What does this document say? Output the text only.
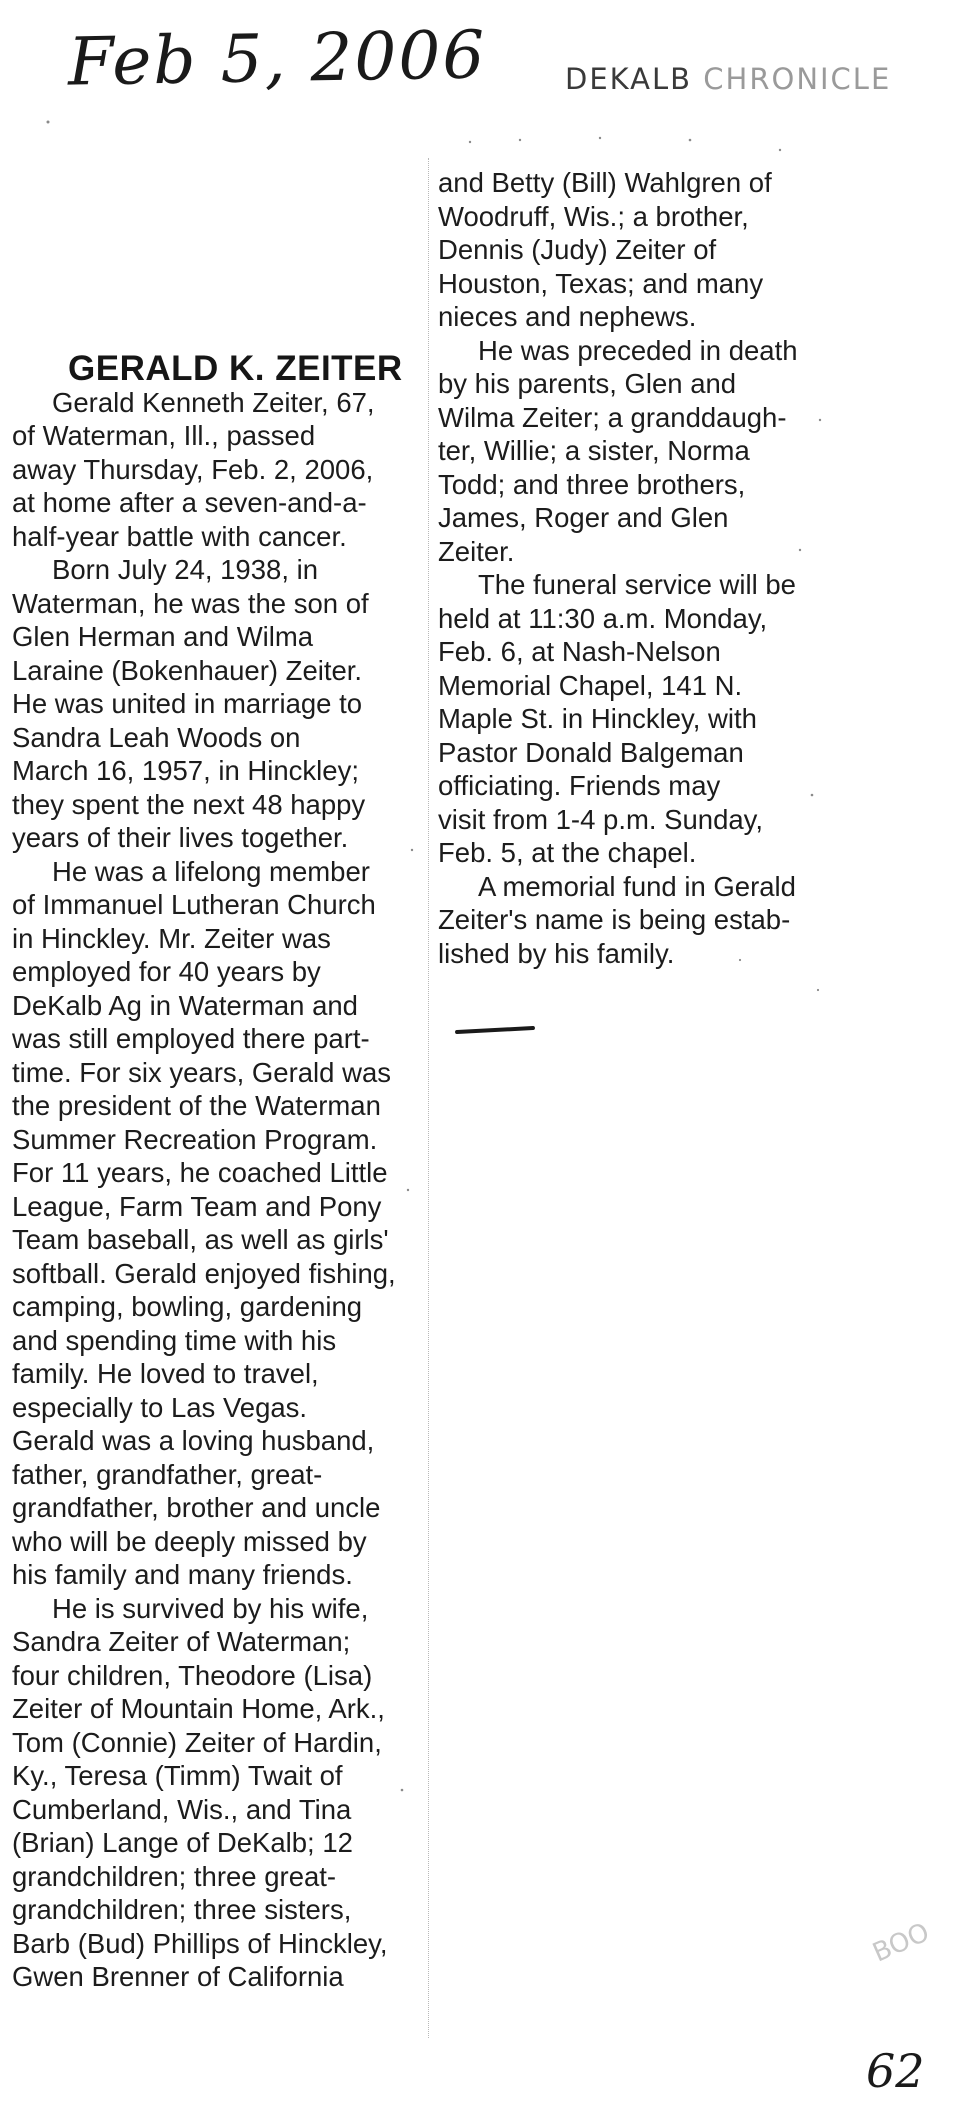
Feb 5, 2006	DEKALB CHRONICLE
GERALD K. ZEITER
Gerald Kenneth Zeiter, 67,
of Waterman, Ill., passed
away Thursday, Feb. 2, 2006,
at home after a seven-and-a-
half-year battle with cancer.
Born July 24, 1938, in
Waterman, he was the son of
Glen Herman and Wilma
Laraine (Bokenhauer) Zeiter.
He was united in marriage to
Sandra Leah Woods on
March 16, 1957, in Hinckley;
they spent the next 48 happy
years of their lives together.
He was a lifelong member
of Immanuel Lutheran Church
in Hinckley. Mr. Zeiter was
employed for 40 years by
DeKalb Ag in Waterman and
was still employed there part-
time. For six years, Gerald was
the president of the Waterman
Summer Recreation Program.
For 11 years, he coached Little
League, Farm Team and Pony
Team baseball, as well as girls'
softball. Gerald enjoyed fishing,
camping, bowling, gardening
and spending time with his
family. He loved to travel,
especially to Las Vegas.
Gerald was a loving husband,
father, grandfather, great-
grandfather, brother and uncle
who will be deeply missed by
his family and many friends.
He is survived by his wife,
Sandra Zeiter of Waterman;
four children, Theodore (Lisa)
Zeiter of Mountain Home, Ark.,
Tom (Connie) Zeiter of Hardin,
Ky., Teresa (Timm) Twait of
Cumberland, Wis., and Tina
(Brian) Lange of DeKalb; 12
grandchildren; three great-
grandchildren; three sisters,
Barb (Bud) Phillips of Hinckley,
Gwen Brenner of California
and Betty (Bill) Wahlgren of
Woodruff, Wis.; a brother,
Dennis (Judy) Zeiter of
Houston, Texas; and many
nieces and nephews.
He was preceded in death
by his parents, Glen and
Wilma Zeiter; a granddaugh-
ter, Willie; a sister, Norma
Todd; and three brothers,
James, Roger and Glen
Zeiter.
The funeral service will be
held at 11:30 a.m. Monday,
Feb. 6, at Nash-Nelson
Memorial Chapel, 141 N.
Maple St. in Hinckley, with
Pastor Donald Balgeman
officiating. Friends may
visit from 1-4 p.m. Sunday,
Feb. 5, at the chapel.
A memorial fund in Gerald
Zeiter's name is being estab-
lished by his family.
BOO
62
